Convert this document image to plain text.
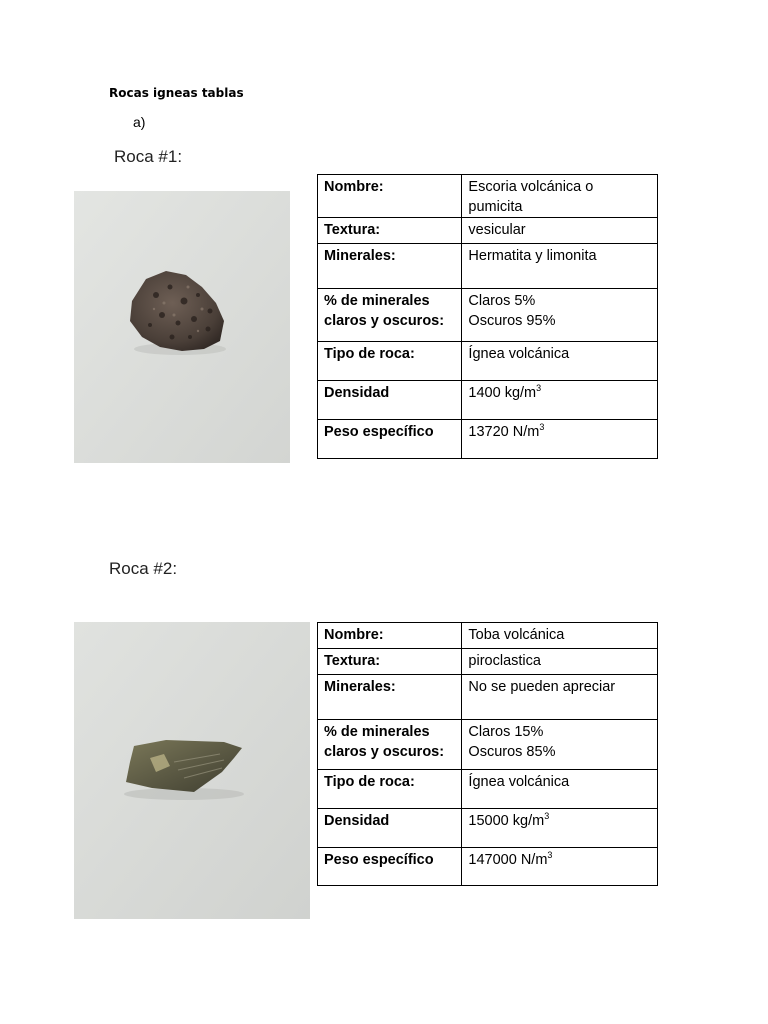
Rocas igneas tablas
a)
Roca #1:
Nombre:	Escoria volcánica o
pumicita

Textura:	vesicular
Minerales:	Hermatita y limonita

% de minerales
claros y oscuros:	Claros 5%
Oscuros 95%

Tipo de roca:	Ígnea volcánica
Densidad	1400 $kg/m^3$
Peso específico	13720 $N/m^3$
Roca #2:
Nombre:	Toba volcánica
Textura:	piroclastica
Minerales:	No se pueden apreciar

% de minerales
claros y oscuros:	Claros 15%
Oscuros 85%

Tipo de roca:	Ígnea volcánica
Densidad	15000 $kg/m^3$
Peso específico	147000 $N/m^3$
